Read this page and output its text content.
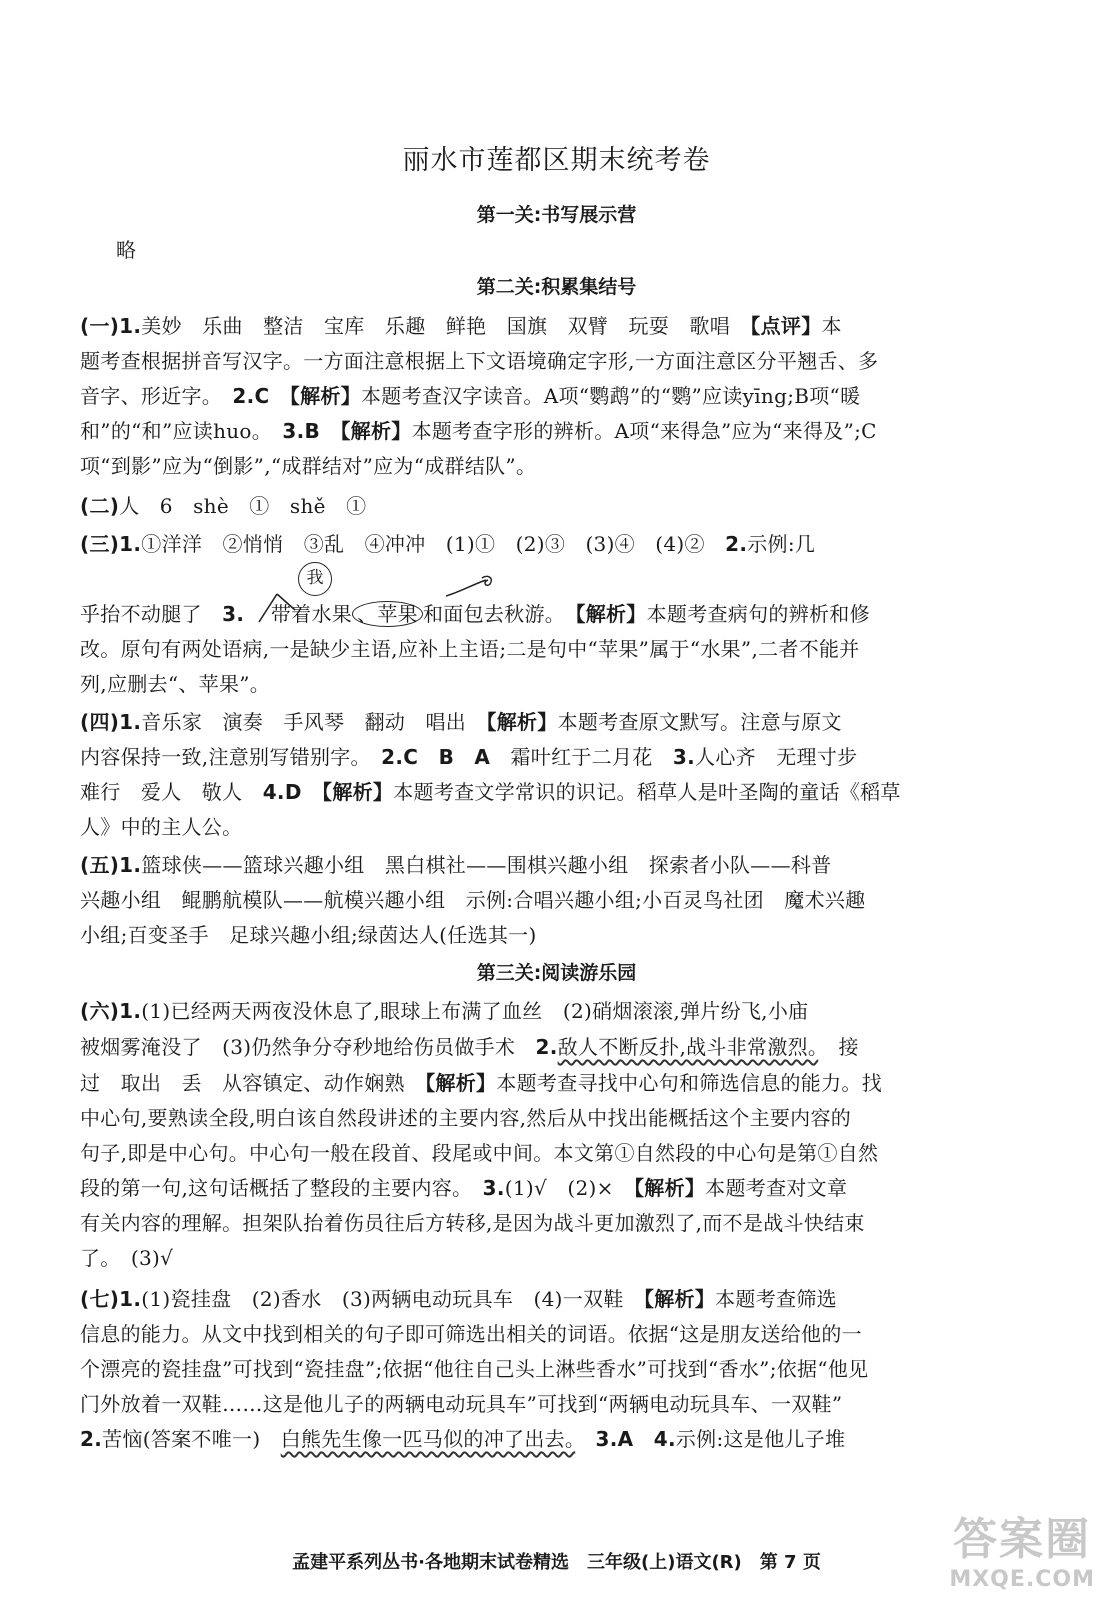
丽水市莲都区期末统考卷
第一关:书写展示营
略
第二关:积累集结号
(一)1.美妙　乐曲　整洁　宝库　乐趣　鲜艳　国旗　双臂　玩耍　歌唱　【点评】本
题考查根据拼音写汉字。一方面注意根据上下文语境确定字形,一方面注意区分平翘舌、多
音字、形近字。　2.C　【解析】本题考查汉字读音。A项“鹦鹉”的“鹦”应读yīng;B项“暖
和”的“和”应读huo。　3.B　【解析】本题考查字形的辨析。A项“来得急”应为“来得及”;C
项“到影”应为“倒影”,“成群结对”应为“成群结队”。
(二)人　6　shè　①　shě　①
(三)1.①洋洋　②悄悄　③乱　④冲冲　(1)①　(2)③　(3)④　(4)②　2.示例:几
我
乎抬不动腿了　3. 带着水果 、苹果 和面包去秋游。　【解析】本题考查病句的辨析和修
改。原句有两处语病,一是缺少主语,应补上主语;二是句中“苹果”属于“水果”,二者不能并
列,应删去“、苹果”。
(四)1.音乐家　演奏　手风琴　翻动　唱出　【解析】本题考查原文默写。注意与原文
内容保持一致,注意别写错别字。　2.C　B　A　霜叶红于二月花　3.人心齐　无理寸步
难行　爱人　敬人　4.D　【解析】本题考查文学常识的识记。稻草人是叶圣陶的童话《稻草
人》中的主人公。
(五)1.篮球侠——篮球兴趣小组　黑白棋社——围棋兴趣小组　探索者小队——科普
兴趣小组　鲲鹏航模队——航模兴趣小组　示例:合唱兴趣小组;小百灵鸟社团　魔术兴趣
小组;百变圣手　足球兴趣小组;绿茵达人(任选其一)
第三关:阅读游乐园
(六)1.(1)已经两天两夜没休息了,眼球上布满了血丝　(2)硝烟滚滚,弹片纷飞,小庙
被烟雾淹没了　(3)仍然争分夺秒地给伤员做手术　2.敌人不断反扑,战斗非常激烈。　接
过　取出　丢　从容镇定、动作娴熟　【解析】本题考查寻找中心句和筛选信息的能力。找
中心句,要熟读全段,明白该自然段讲述的主要内容,然后从中找出能概括这个主要内容的
句子,即是中心句。中心句一般在段首、段尾或中间。本文第①自然段的中心句是第①自然
段的第一句,这句话概括了整段的主要内容。　3.(1)√　(2)×　【解析】本题考查对文章
有关内容的理解。担架队抬着伤员往后方转移,是因为战斗更加激烈了,而不是战斗快结束
了。　(3)√
(七)1.(1)瓷挂盘　(2)香水　(3)两辆电动玩具车　(4)一双鞋　【解析】本题考查筛选
信息的能力。从文中找到相关的句子即可筛选出相关的词语。依据“这是朋友送给他的一
个漂亮的瓷挂盘”可找到“瓷挂盘”;依据“他往自己头上淋些香水”可找到“香水”;依据“他见
门外放着一双鞋……这是他儿子的两辆电动玩具车”可找到“两辆电动玩具车、一双鞋”
2.苦恼(答案不唯一)　白熊先生像一匹马似的冲了出去。　3.A　4.示例:这是他儿子堆
孟建平系列丛书·各地期末试卷精选　三年级(上)语文(R)　第 7 页	答案圈
MXQE.COM
